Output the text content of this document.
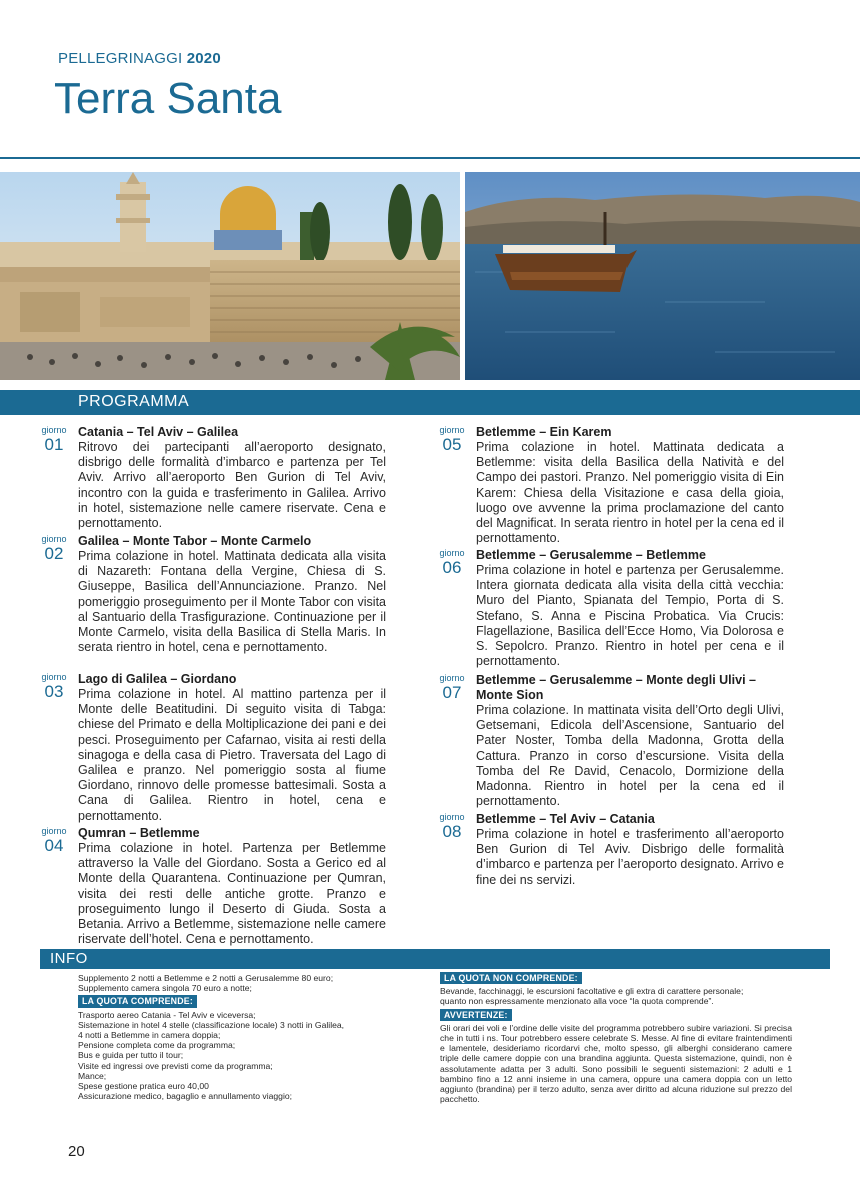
PELLEGRINAGGI 2020
Terra Santa
PROGRAMMA
giorno
01
Catania – Tel Aviv – Galilea
Ritrovo dei partecipanti all’aeroporto designato, disbrigo delle formalità d’imbarco e partenza per Tel Aviv. Arrivo all’aeroporto Ben Gurion di Tel Aviv, incontro con la guida e trasferimento in Galilea. Arrivo in hotel, sistemazione nelle camere riservate. Cena e pernottamento.
giorno
02
Galilea – Monte Tabor – Monte Carmelo
Prima colazione in hotel. Mattinata dedicata alla visita di Nazareth: Fontana della Vergine, Chiesa di S. Giuseppe, Basilica dell’Annunciazione. Pranzo. Nel pomeriggio proseguimento per il Monte Tabor con visita al Santuario della Trasfigurazione. Continuazione per il Monte Carmelo, visita della Basilica di Stella Maris. In serata rientro in hotel, cena e pernottamento.
giorno
03
Lago di Galilea – Giordano
Prima colazione in hotel. Al mattino partenza per il Monte delle Beatitudini. Di seguito visita di Tabga: chiese del Primato e della Moltiplicazione dei pani e dei pesci. Proseguimento per Cafarnao, visita ai resti della sinagoga e della casa di Pietro. Traversata del Lago di Galilea e pranzo. Nel pomeriggio sosta al fiume Giordano, rinnovo delle promesse battesimali. Sosta a Cana di Galilea. Rientro in hotel, cena e pernottamento.
giorno
04
Qumran – Betlemme
Prima colazione in hotel. Partenza per Betlemme attraverso la Valle del Giordano. Sosta a Gerico ed al Monte della Quarantena. Continuazione per Qumran, visita dei resti delle antiche grotte. Pranzo e proseguimento lungo il Deserto di Giuda. Sosta a Betania. Arrivo a Betlemme, sistemazione nelle camere riservate dell’hotel. Cena e pernottamento.
giorno
05
Betlemme – Ein Karem
Prima colazione in hotel. Mattinata dedicata a Betlemme: visita della Basilica della Natività e del Campo dei pastori. Pranzo. Nel pomeriggio visita di Ein Karem: Chiesa della Visitazione e casa della gioia, luogo ove avvenne la prima proclamazione del canto del Magnificat. In serata rientro in hotel per la cena ed il pernottamento.
giorno
06
Betlemme – Gerusalemme – Betlemme
Prima colazione in hotel e partenza per Gerusalemme. Intera giornata dedicata alla visita della città vecchia: Muro del Pianto, Spianata del Tempio, Porta di S. Stefano, S. Anna e Piscina Probatica. Via Crucis: Flagellazione, Basilica dell’Ecce Homo, Via Dolorosa e S. Sepolcro. Pranzo. Rientro in hotel per cena e il pernottamento.
giorno
07
Betlemme – Gerusalemme – Monte degli Ulivi – Monte Sion
Prima colazione. In mattinata visita dell’Orto degli Ulivi, Getsemani, Edicola dell’Ascensione, Santuario del Pater Noster, Tomba della Madonna, Grotta della Cattura. Pranzo in corso d’escursione. Visita della Tomba del Re David, Cenacolo, Dormizione della Madonna. Rientro in hotel per la cena ed il pernottamento.
giorno
08
Betlemme – Tel Aviv – Catania
Prima colazione in hotel e trasferimento all’aeroporto Ben Gurion di Tel Aviv. Disbrigo delle formalità d’imbarco e partenza per l’aeroporto designato. Arrivo e fine dei ns servizi.
INFO
Supplemento 2 notti a Betlemme e 2 notti a Gerusalemme 80 euro;
Supplemento camera singola 70 euro a notte;
LA QUOTA COMPRENDE:
Trasporto aereo Catania - Tel Aviv e viceversa;
Sistemazione in hotel 4 stelle (classificazione locale) 3 notti in Galilea,
4 notti a Betlemme in camera doppia;
Pensione completa come da programma;
Bus e guida per tutto il tour;
Visite ed ingressi ove previsti come da programma;
Mance;
Spese gestione pratica euro 40,00
Assicurazione medico, bagaglio e annullamento viaggio;
LA QUOTA NON COMPRENDE:
Bevande, facchinaggi, le escursioni facoltative e gli extra di carattere personale;
quanto non espressamente menzionato alla voce “la quota comprende”.
AVVERTENZE:
Gli orari dei voli e l’ordine delle visite del programma potrebbero subire variazioni. Si precisa che in tutti i ns. Tour potrebbero essere celebrate S. Messe. Al fine di evitare fraintendimenti e lamentele, desideriamo ricordarvi che, molto spesso, gli alberghi considerano camere triple delle camere doppie con una brandina aggiunta. Questa sistemazione, quindi, non è assolutamente adatta per 3 adulti. Sono possibili le seguenti sistemazioni: 2 adulti e 1 bambino fino a 12 anni insieme in una camera, oppure una camera doppia con un letto aggiunto (brandina) per il terzo adulto, senza aver diritto ad alcuna riduzione sul prezzo del pacchetto.
20
